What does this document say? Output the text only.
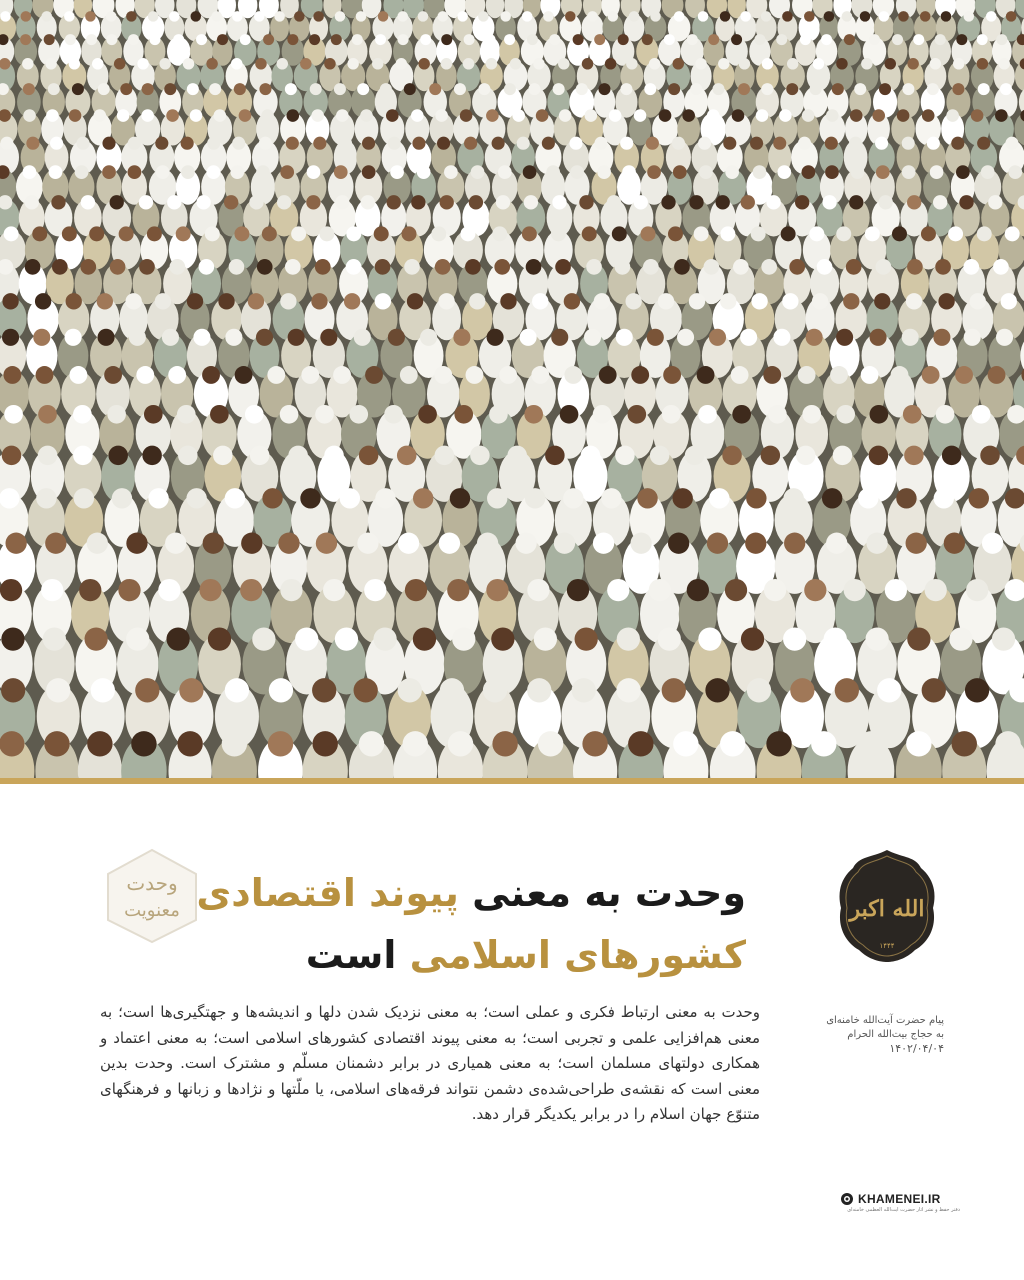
وحدت به معنی پیوند اقتصادی
کشورهای اسلامی است
وحدت
معنویت	الله اکبر
۱۴۴۴
پیام حضرت آیت‌الله خامنه‌ای
به حجاج بیت‌الله الحرام
۱۴۰۲/۰۴/۰۴
وحدت به معنی ارتباط فکری و عملی است؛ به معنی نزدیک شدن دلها و اندیشه‌ها و جهتگیری‌ها است؛ به معنی هم‌افزایی علمی و تجربی است؛ به معنی پیوند اقتصادی کشورهای اسلامی است؛ به معنی اعتماد و همکاری دولتهای مسلمان است؛ به معنی همیاری در برابر دشمنان مسلّم و مشترک است. وحدت بدین معنی است که نقشه‌ی طراحی‌شده‌ی دشمن نتواند فرقه‌های اسلامی، یا ملّتها و نژادها و زبانها و فرهنگهای متنوّع جهان اسلام را در برابر یکدیگر قرار دهد.
KHAMENEI.IR
دفتر حفظ و نشر آثار حضرت آیت‌الله العظمی خامنه‌ای
